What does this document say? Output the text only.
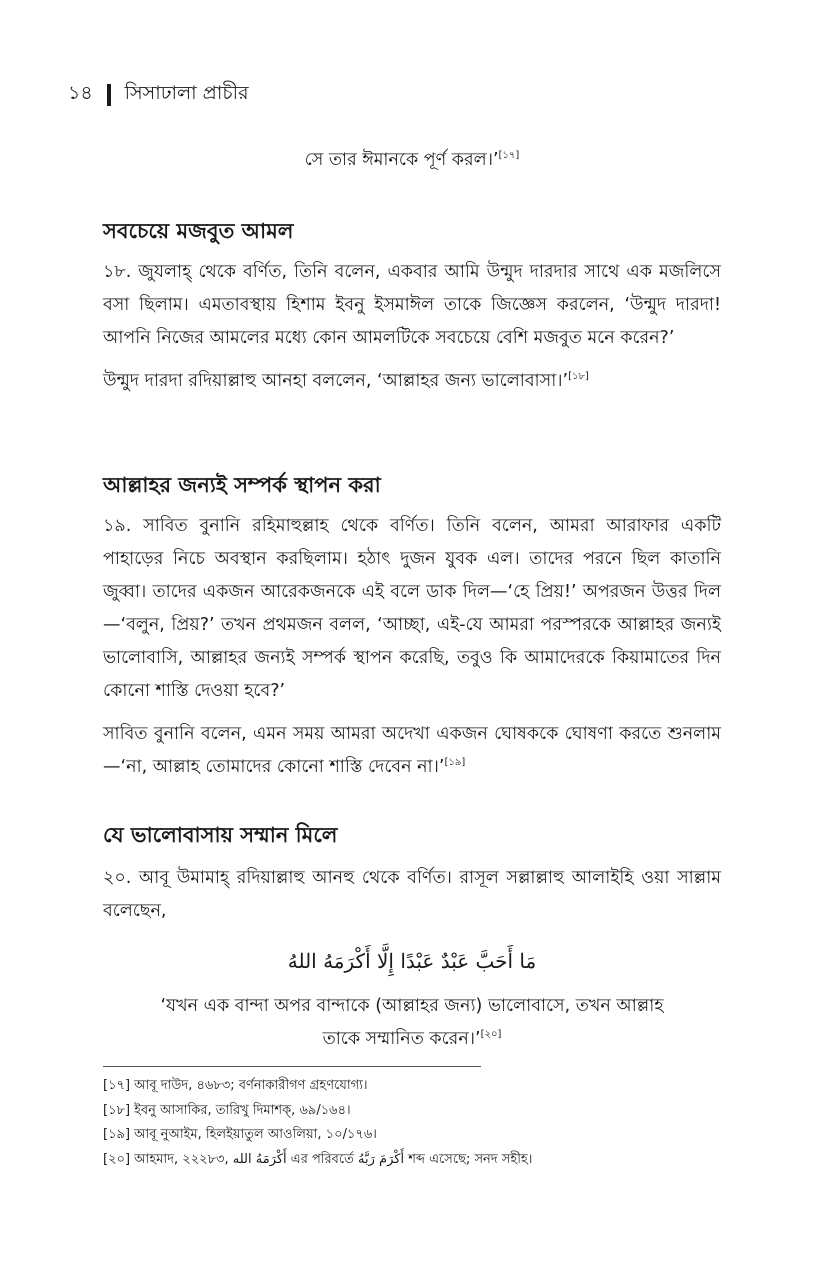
১৪ সিসাঢালা প্রাচীর

সে তার ঈমানকে পূর্ণ করল।’[১৭]

সবচেয়ে মজবুত আমল

১৮. জুযলাহ্ থেকে বর্ণিত, তিনি বলেন, একবার আমি উন্মুদ দারদার সাথে এক মজলিসে বসা ছিলাম। এমতাবস্থায় হিশাম ইবনু ইসমাঈল তাকে জিজ্ঞেস করলেন, ‘উন্মুদ দারদা! আপনি নিজের আমলের মধ্যে কোন আমলটিকে সবচেয়ে বেশি মজবুত মনে করেন?’

উন্মুদ দারদা রদিয়াল্লাহু আনহা বললেন, ‘আল্লাহর জন্য ভালোবাসা।’[১৮]

আল্লাহর জন্যই সম্পর্ক স্থাপন করা

১৯. সাবিত বুনানি রহিমাহুল্লাহ থেকে বর্ণিত। তিনি বলেন, আমরা আরাফার একটি পাহাড়ের নিচে অবস্থান করছিলাম। হঠাৎ দুজন যুবক এল। তাদের পরনে ছিল কাতানি জুব্বা। তাদের একজন আরেকজনকে এই বলে ডাক দিল—‘হে প্রিয়!’ অপরজন উত্তর দিল—‘বলুন, প্রিয়?’ তখন প্রথমজন বলল, ‘আচ্ছা, এই-যে আমরা পরস্পরকে আল্লাহর জন্যই ভালোবাসি, আল্লাহর জন্যই সম্পর্ক স্থাপন করেছি, তবুও কি আমাদেরকে কিয়ামাতের দিন কোনো শাস্তি দেওয়া হবে?’

সাবিত বুনানি বলেন, এমন সময় আমরা অদেখা একজন ঘোষককে ঘোষণা করতে শুনলাম—‘না, আল্লাহ তোমাদের কোনো শাস্তি দেবেন না।’[১৯]

যে ভালোবাসায় সম্মান মিলে

২০. আবূ উমামাহ্ রদিয়াল্লাহু আনহু থেকে বর্ণিত। রাসূল সল্লাল্লাহু আলাইহি ওয়া সাল্লাম বলেছেন,

مَا أَحَبَّ عَبْدٌ عَبْدًا إِلَّا أَكْرَمَهُ اللهُ

‘যখন এক বান্দা অপর বান্দাকে (আল্লাহর জন্য) ভালোবাসে, তখন আল্লাহ

তাকে সম্মানিত করেন।’[২০]

[১৭] আবূ দাউদ, ৪৬৮৩; বর্ণনাকারীগণ গ্রহণযোগ্য।

[১৮] ইবনু আসাকির, তারিখু দিমাশক্, ৬৯/১৬৪।

[১৯] আবূ নুআইম, হিলইয়াতুল আওলিয়া, ১০/১৭৬।

[২০] আহমাদ, ২২২৮৩, أَكْرَمَهُ الله এর পরিবর্তে أَكْرَمَ رَبَّهُ শব্দ এসেছে; সনদ সহীহ।
